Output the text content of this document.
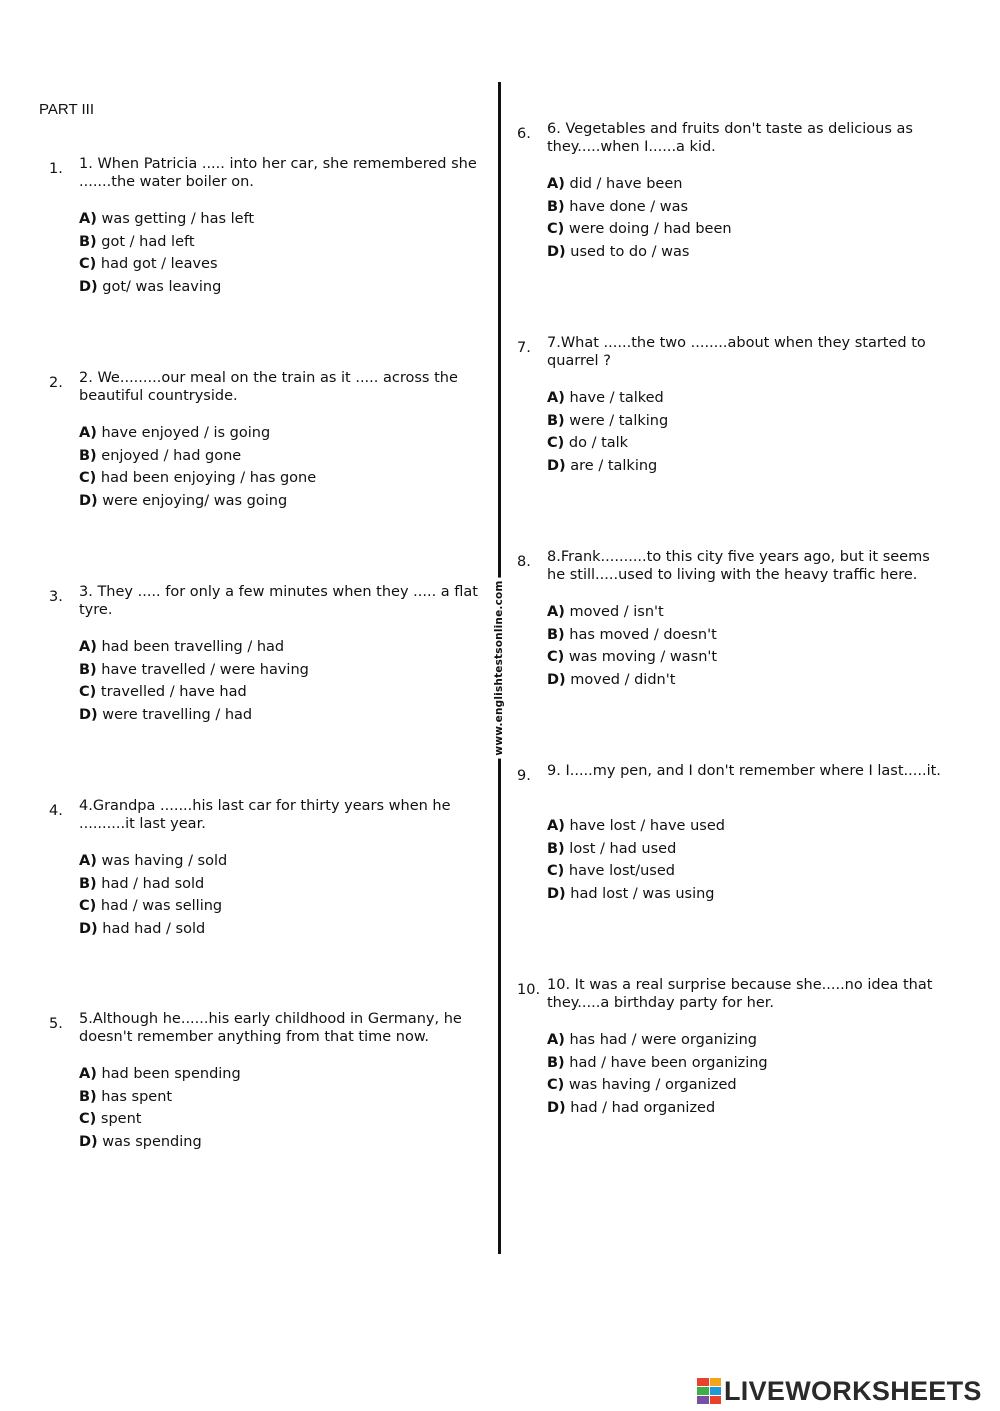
PART III
www.englishtestsonline.com
1.	1. When Patricia ..... into her car, she remembered she .......the water boiler on.
A) was getting / has left
B) got / had left
C) had got / leaves
D) got/ was leaving
2.	2. We.........our meal on the train as it ..... across the beautiful countryside.
A) have enjoyed / is going
B) enjoyed / had gone
C) had been enjoying / has gone
D) were enjoying/ was going
3.	3. They ..... for only a few minutes when they ..... a flat tyre.
A) had been travelling / had
B) have travelled / were having
C) travelled / have had
D) were travelling / had
4.	4.Grandpa .......his last car for thirty years when he ..........it last year.
A) was having / sold
B) had / had sold
C) had / was selling
D) had had / sold
5.	5.Although he......his early childhood in Germany, he doesn't remember anything from that time now.
A) had been spending
B) has spent
C) spent
D) was spending
6.	6. Vegetables and fruits don't taste as delicious as they.....when I......a kid.
A) did / have been
B) have done / was
C) were doing / had been
D) used to do / was
7.	7.What ......the two ........about when they started to quarrel ?
A) have / talked
B) were / talking
C) do / talk
D) are / talking
8.	8.Frank..........to this city five years ago, but it seems he still.....used to living with the heavy traffic here.
A) moved / isn't
B) has moved / doesn't
C) was moving / wasn't
D) moved / didn't
9.	9. I.....my pen, and I don't remember where I last.....it.
A) have lost / have used
B) lost / had used
C) have lost/used
D) had lost / was using
10. 10. It was a real surprise because she.....no idea that they.....a birthday party for her.
A) has had / were organizing
B) had / have been organizing
C) was having / organized
D) had / had organized
LIVEWORKSHEETS
